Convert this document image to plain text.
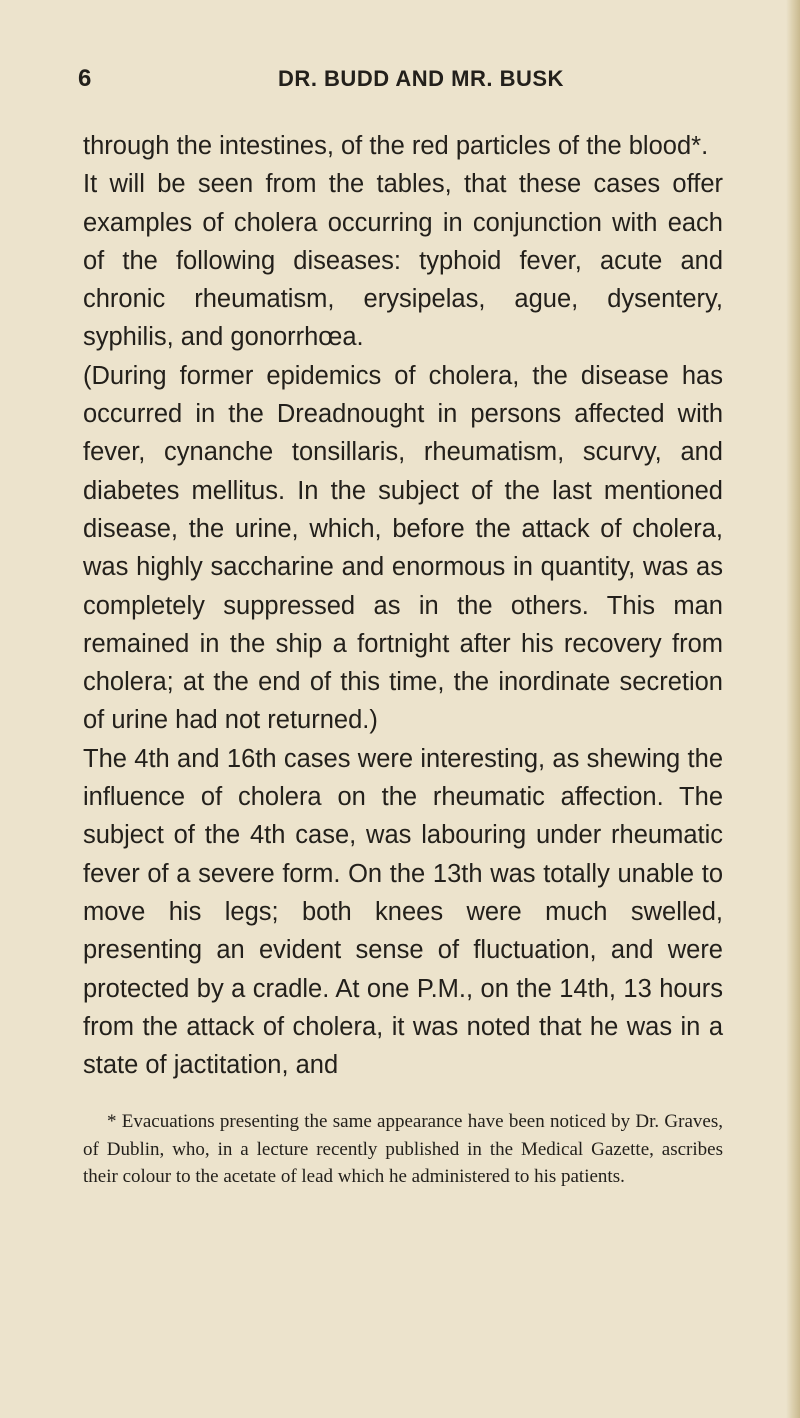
6	DR. BUDD AND MR. BUSK

through the intestines, of the red particles of the blood*.

It will be seen from the tables, that these cases offer examples of cholera occurring in conjunction with each of the following diseases: typhoid fever, acute and chronic rheumatism, erysipelas, ague, dysentery, syphilis, and gonorrhœa.

(During former epidemics of cholera, the disease has occurred in the Dreadnought in persons affected with fever, cynanche tonsillaris, rheumatism, scurvy, and diabetes mellitus. In the subject of the last mentioned disease, the urine, which, before the attack of cholera, was highly saccharine and enormous in quantity, was as completely suppressed as in the others. This man remained in the ship a fortnight after his recovery from cholera; at the end of this time, the inordinate secretion of urine had not returned.)

The 4th and 16th cases were interesting, as shewing the influence of cholera on the rheumatic affection. The subject of the 4th case, was labouring under rheumatic fever of a severe form. On the 13th was totally unable to move his legs; both knees were much swelled, presenting an evident sense of fluctuation, and were protected by a cradle. At one P.M., on the 14th, 13 hours from the attack of cholera, it was noted that he was in a state of jactitation, and

* Evacuations presenting the same appearance have been noticed by Dr. Graves, of Dublin, who, in a lecture recently published in the Medical Gazette, ascribes their colour to the acetate of lead which he administered to his patients.
